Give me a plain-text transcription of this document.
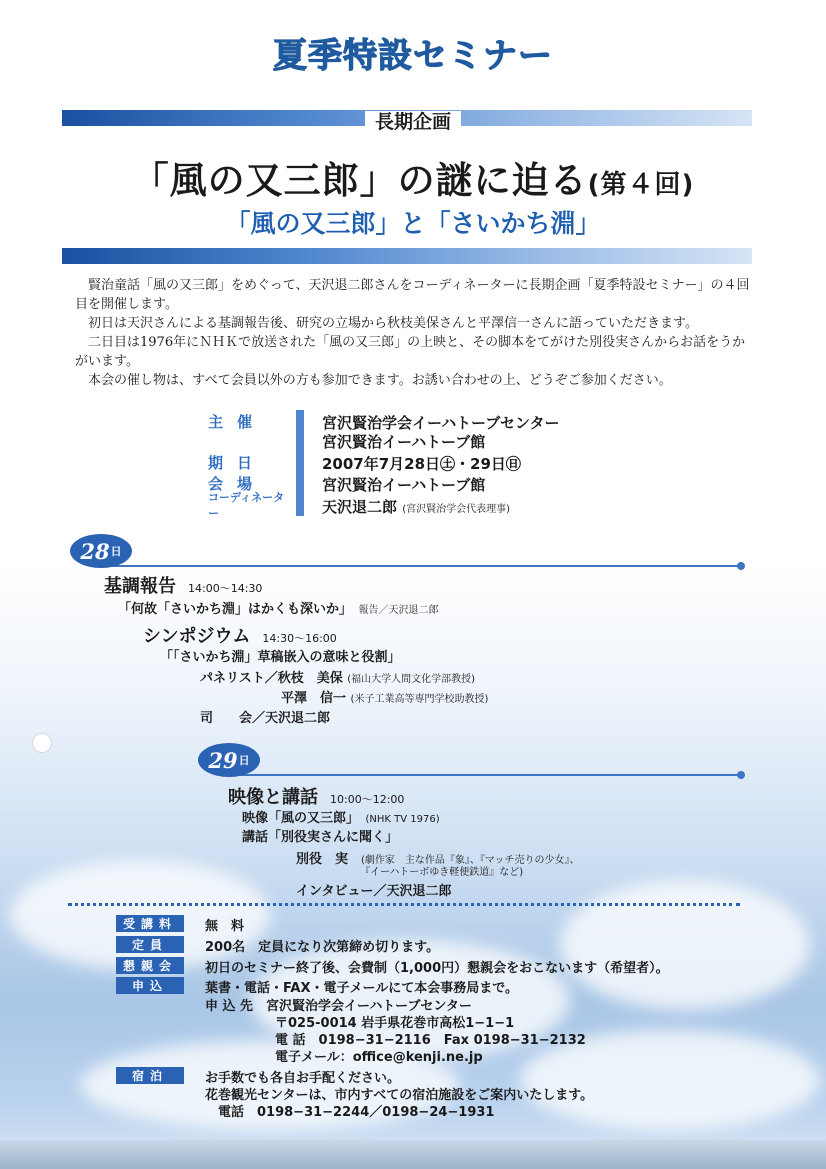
夏季特設セミナー
長期企画
「風の又三郎」の謎に迫る(第４回)
「風の又三郎」と「さいかち淵」

賢治童話「風の又三郎」をめぐって、天沢退二郎さんをコーディネーターに長期企画「夏季特設セミナー」の４回目を開催します。

初日は天沢さんによる基調報告後、研究の立場から秋枝美保さんと平澤信一さんに語っていただきます。

二日目は1976年にＮＨＫで放送された「風の又三郎」の上映と、その脚本をてがけた別役実さんからお話をうかがいます。

本会の催し物は、すべて会員以外の方も参加できます。お誘い合わせの上、どうぞご参加ください。

主催	宮沢賢治学会イーハトーブセンター
宮沢賢治イーハトーブ館
期日	2007年7月28日㊏・29日㊐
会場	宮沢賢治イーハトーブ館
コーディネーター	天沢退二郎 (宮沢賢治学会代表理事)
28 日
基調報告 14:00〜14:30
「何故「さいかち淵」はかくも深いか」　 報告／天沢退二郎
シンポジウム 14:30〜16:00
「「さいかち淵」草稿嵌入の意味と役割」
パネリスト／秋枝　美保 (福山大学人間文化学部教授)
平澤　信一 (米子工業高等専門学校助教授)
司　　会／天沢退二郎
29 日
映像と講話 10:00〜12:00
映像「風の又三郎」　 (NHK TV 1976)
講話「別役実さんに聞く」
別役　実　 (劇作家　主な作品『象』、『マッチ売りの少女』、
『イーハトーボゆき軽便鉄道』など)
インタビュー／天沢退二郎
受講料	無　料
定員	200名　定員になり次第締め切ります。
懇親会	初日のセミナー終了後、会費制（1,000円）懇親会をおこないます（希望者）。
申込	葉書・電話・FAX・電子メールにて本会事務局まで。
申 込 先　宮沢賢治学会イーハトーブセンター
〒025-0014 岩手県花巻市高松1−1−1
電 話　0198−31−2116　Fax 0198−31−2132
電子メール：office@kenji.ne.jp
宿泊	お手数でも各自お手配ください。
花巻観光センターは、市内すべての宿泊施設をご案内いたします。
電話　0198−31−2244／0198−24−1931
